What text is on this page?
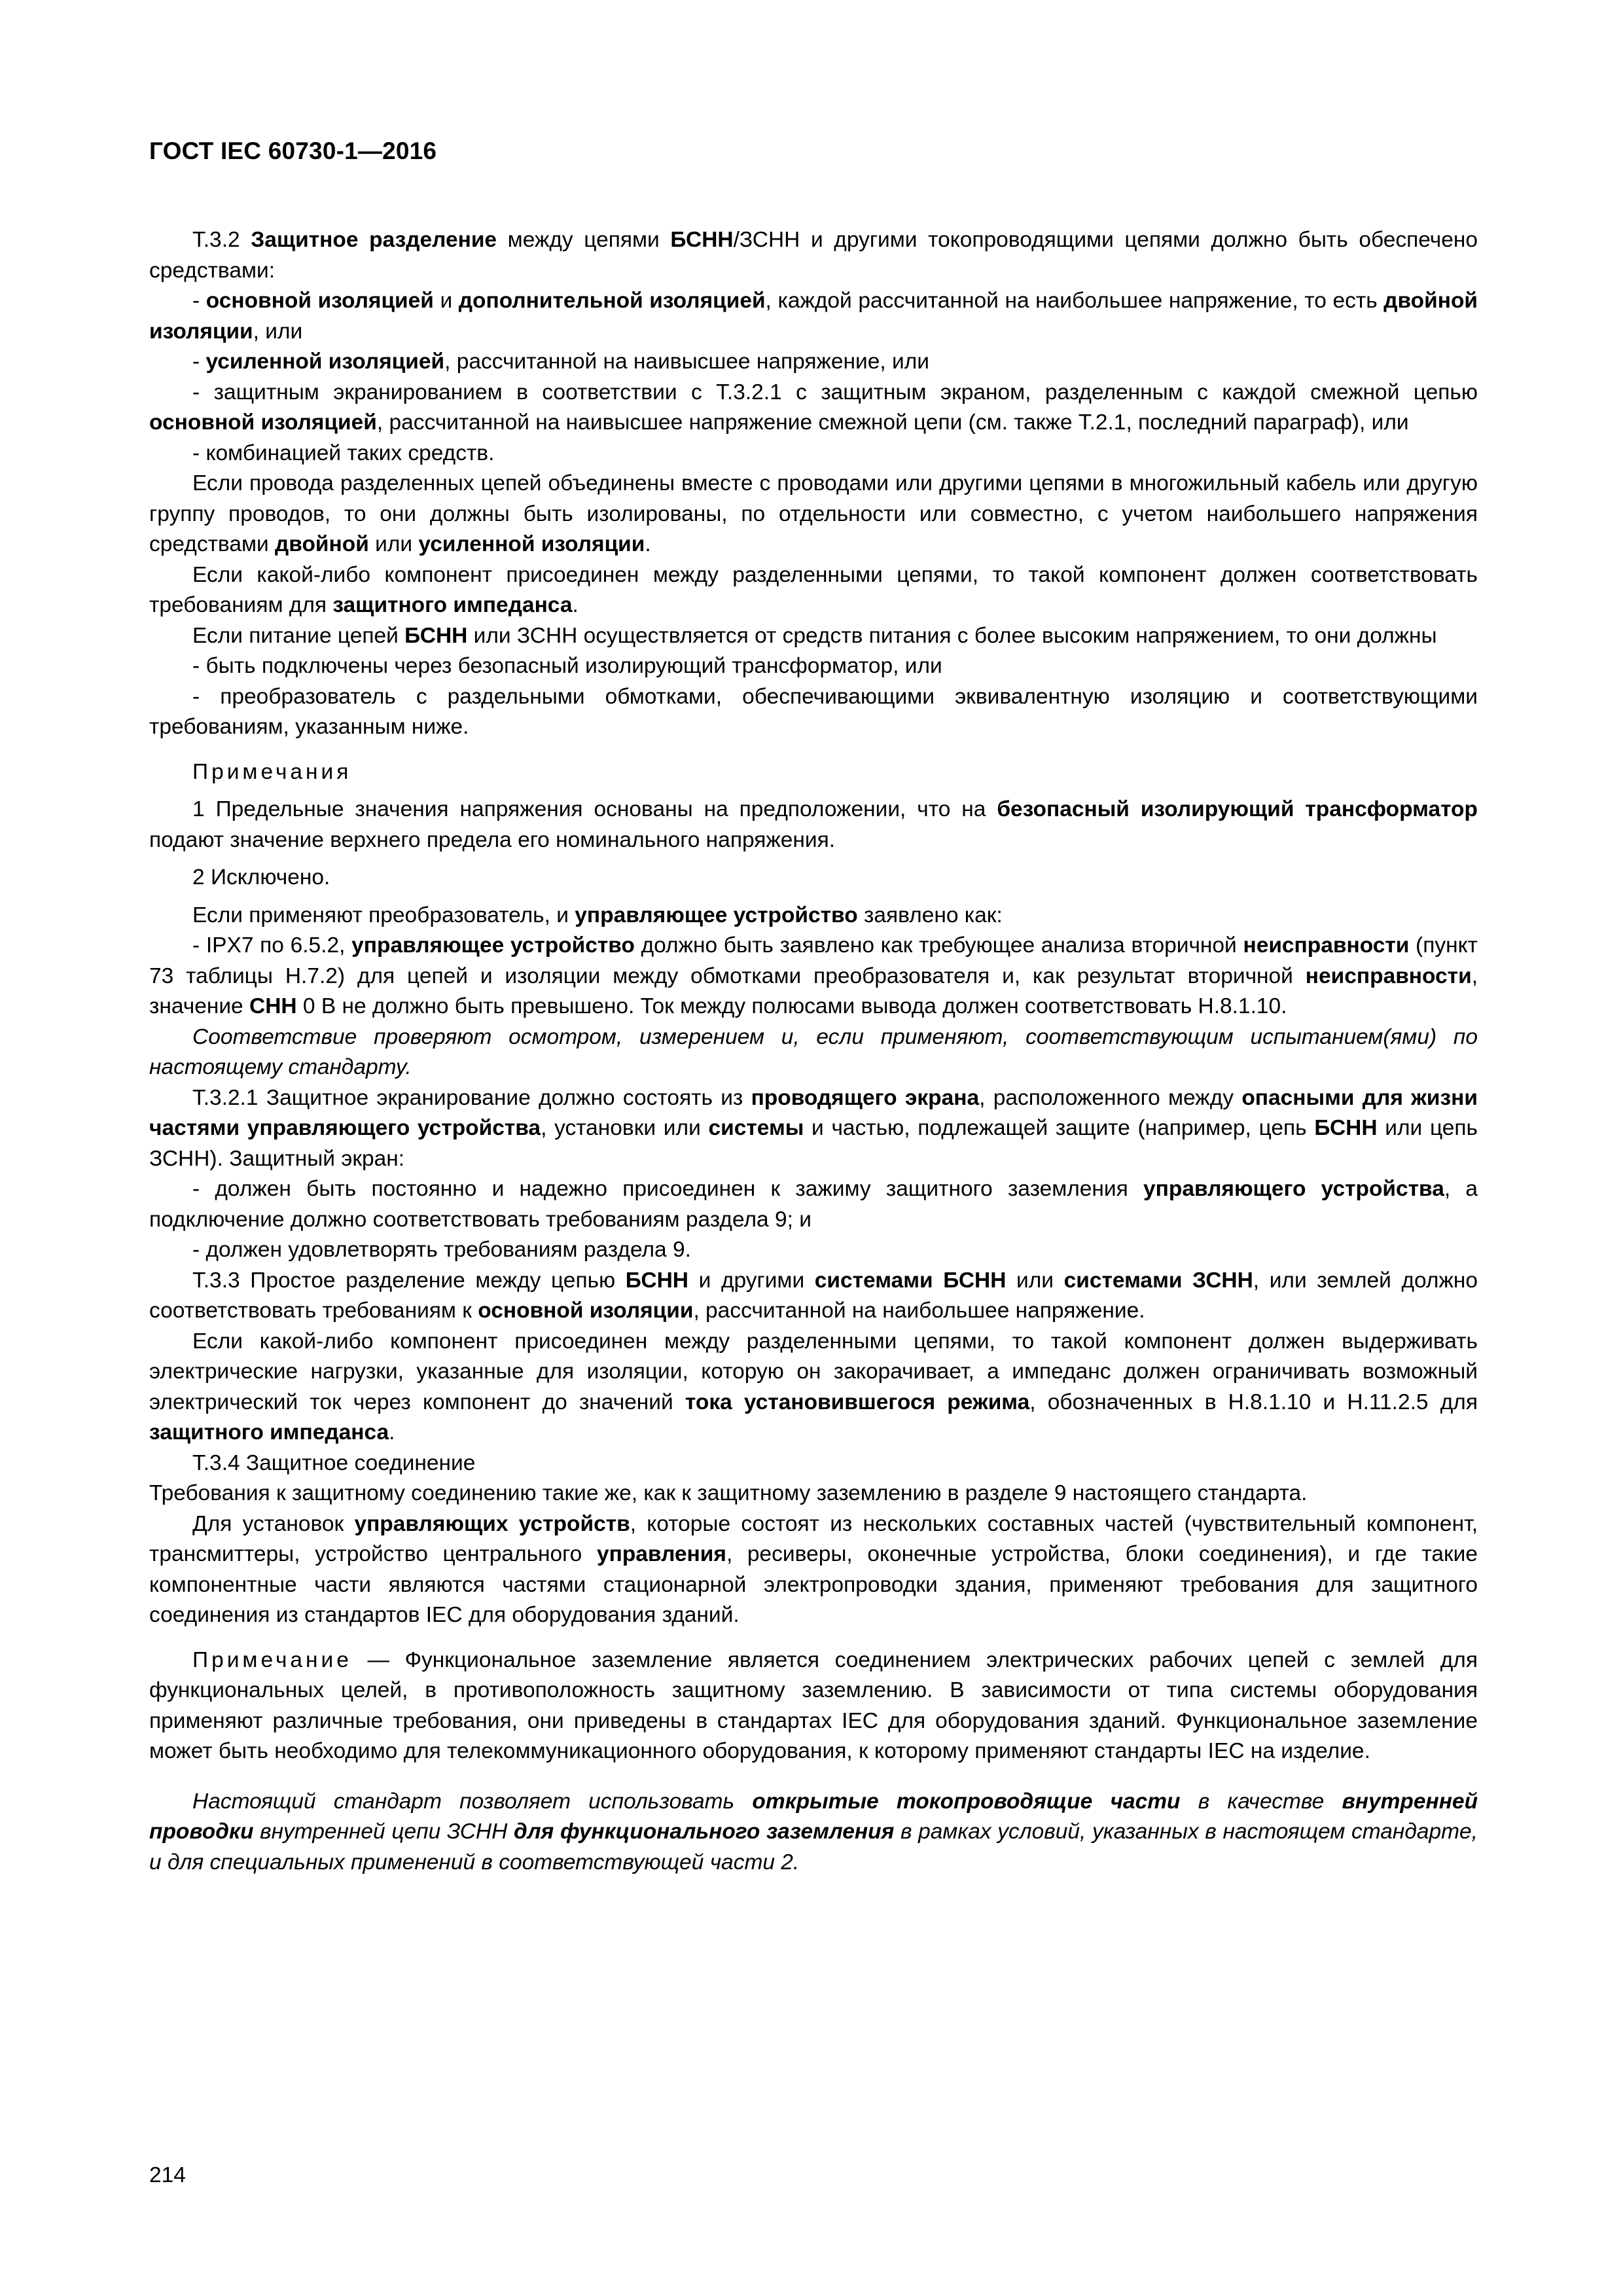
ГОСТ IEC 60730-1—2016

Т.3.2 Защитное разделение между цепями БСНН/ЗСНН и другими токопроводящими цепями должно быть обеспечено средствами:

- основной изоляцией и дополнительной изоляцией, каждой рассчитанной на наибольшее напряжение, то есть двойной изоляции, или

- усиленной изоляцией, рассчитанной на наивысшее напряжение, или

- защитным экранированием в соответствии с Т.3.2.1 с защитным экраном, разделенным с каждой смежной цепью основной изоляцией, рассчитанной на наивысшее напряжение смежной цепи (см. также Т.2.1, последний параграф), или

- комбинацией таких средств.

Если провода разделенных цепей объединены вместе с проводами или другими цепями в многожильный кабель или другую группу проводов, то они должны быть изолированы, по отдельности или совместно, с учетом наибольшего напряжения средствами двойной или усиленной изоляции.

Если какой-либо компонент присоединен между разделенными цепями, то такой компонент должен соответствовать требованиям для защитного импеданса.

Если питание цепей БСНН или ЗСНН осуществляется от средств питания с более высоким напряжением, то они должны

- быть подключены через безопасный изолирующий трансформатор, или

- преобразователь с раздельными обмотками, обеспечивающими эквивалентную изоляцию и соответствующими требованиям, указанным ниже.

Примечания

1 Предельные значения напряжения основаны на предположении, что на безопасный изолирующий трансформатор подают значение верхнего предела его номинального напряжения.

2 Исключено.

Если применяют преобразователь, и управляющее устройство заявлено как:

- IPX7 по 6.5.2, управляющее устройство должно быть заявлено как требующее анализа вторичной неисправности (пункт 73 таблицы Н.7.2) для цепей и изоляции между обмотками преобразователя и, как результат вторичной неисправности, значение СНН 0 В не должно быть превышено. Ток между полюсами вывода должен соответствовать Н.8.1.10.

Соответствие проверяют осмотром, измерением и, если применяют, соответствующим испытанием(ями) по настоящему стандарту.

Т.3.2.1 Защитное экранирование должно состоять из проводящего экрана, расположенного между опасными для жизни частями управляющего устройства, установки или системы и частью, подлежащей защите (например, цепь БСНН или цепь ЗСНН). Защитный экран:

- должен быть постоянно и надежно присоединен к зажиму защитного заземления управляющего устройства, а подключение должно соответствовать требованиям раздела 9; и

- должен удовлетворять требованиям раздела 9.

Т.3.3 Простое разделение между цепью БСНН и другими системами БСНН или системами ЗСНН, или землей должно соответствовать требованиям к основной изоляции, рассчитанной на наибольшее напряжение.

Если какой-либо компонент присоединен между разделенными цепями, то такой компонент должен выдерживать электрические нагрузки, указанные для изоляции, которую он закорачивает, а импеданс должен ограничивать возможный электрический ток через компонент до значений тока установившегося режима, обозначенных в Н.8.1.10 и Н.11.2.5 для защитного импеданса.

Т.3.4 Защитное соединение

Требования к защитному соединению такие же, как к защитному заземлению в разделе 9 настоящего стандарта.

Для установок управляющих устройств, которые состоят из нескольких составных частей (чувствительный компонент, трансмиттеры, устройство центрального управления, ресиверы, оконечные устройства, блоки соединения), и где такие компонентные части являются частями стационарной электропроводки здания, применяют требования для защитного соединения из стандартов IEC для оборудования зданий.

Примечание — Функциональное заземление является соединением электрических рабочих цепей с землей для функциональных целей, в противоположность защитному заземлению. В зависимости от типа системы оборудования применяют различные требования, они приведены в стандартах IEC для оборудования зданий. Функциональное заземление может быть необходимо для телекоммуникационного оборудования, к которому применяют стандарты IEC на изделие.

Настоящий стандарт позволяет использовать открытые токопроводящие части в качестве внутренней проводки внутренней цепи ЗСНН для функционального заземления в рамках условий, указанных в настоящем стандарте, и для специальных применений в соответствующей части 2.

214
